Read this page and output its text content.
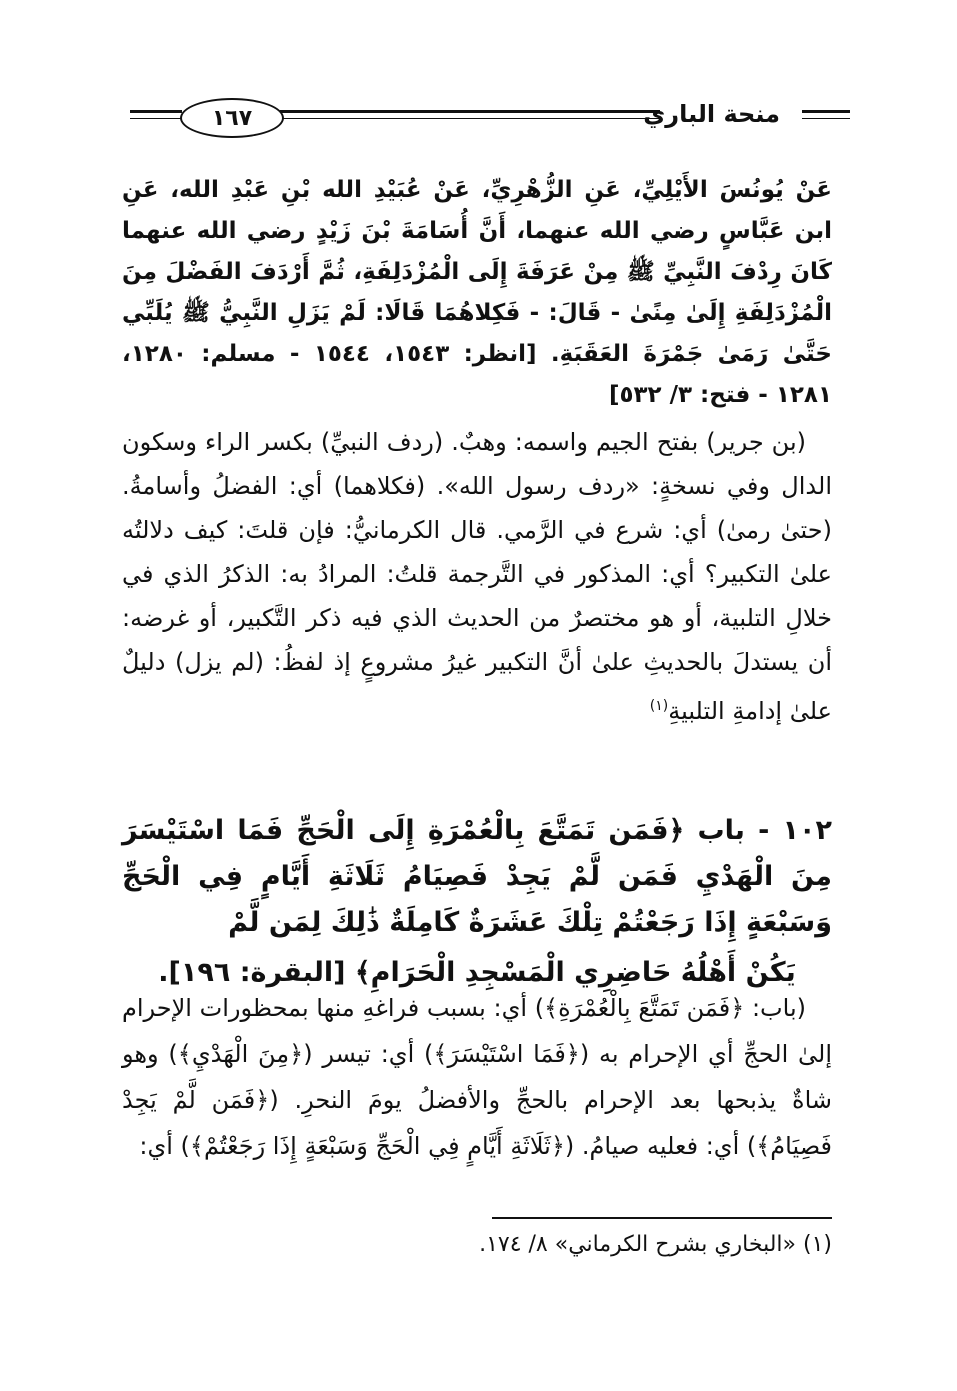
منحة الباري
١٦٧

عَنْ يُونُسَ الأَيْلِيِّ، عَنِ الزُّهْرِيِّ، عَنْ عُبَيْدِ الله بْنِ عَبْدِ الله، عَنِ ابن عَبَّاسٍ رضي الله عنهما، أَنَّ أُسَامَةَ بْنَ زَيْدٍ رضي الله عنهما كَانَ رِدْفَ النَّبِيِّ ﷺ مِنْ عَرَفَةَ إِلَى الْمُزْدَلِفَةِ، ثُمَّ أَرْدَفَ الفَضْلَ مِنَ الْمُزْدَلِفَةِ إِلَىٰ مِنًىٰ - قَالَ: - فَكِلاهُمَا قَالَا: لَمْ يَزَلِ النَّبِيُّ ﷺ يُلَبِّي حَتَّىٰ رَمَىٰ جَمْرَةَ العَقَبَةِ. [انظر: ١٥٤٣، ١٥٤٤ - مسلم: ١٢٨٠، ١٢٨١ - فتح: ٣/ ٥٣٢]

(بن جرير) بفتح الجيم واسمه: وهبٌ. (ردف النبيِّ) بكسر الراء وسكون الدال وفي نسخةٍ: «ردف رسول الله». (فكلاهما) أي: الفضلُ وأسامةُ. (حتىٰ رمىٰ) أي: شرع في الرَّمي. قال الكرمانيُّ: فإن قلتَ: كيف دلالتُه علىٰ التكبير؟ أي: المذكور في التَّرجمة قلتُ: المرادُ به: الذكرُ الذي في خلالِ التلبية، أو هو مختصرٌ من الحديث الذي فيه ذكر التَّكبير، أو غرضه: أن يستدلَ بالحديثِ علىٰ أنَّ التكبير غيرُ مشروعٍ إذ لفظُ: (لم يزل) دليلٌ علىٰ إدامةِ التلبيةِ$^{(١)}$

١٠٢ - باب ﴿فَمَن تَمَتَّعَ بِالْعُمْرَةِ إِلَى الْحَجِّ فَمَا اسْتَيْسَرَ مِنَ الْهَدْيِ فَمَن لَّمْ يَجِدْ فَصِيَامُ ثَلَاثَةِ أَيَّامٍ فِي الْحَجِّ وَسَبْعَةٍ إِذَا رَجَعْتُمْ تِلْكَ عَشَرَةٌ كَامِلَةٌ ذَٰلِكَ لِمَن لَّمْ

يَكُنْ أَهْلُهُ حَاضِرِي الْمَسْجِدِ الْحَرَامِ﴾ [البقرة: ١٩٦].

(باب: ﴿فَمَن تَمَتَّعَ بِالْعُمْرَةِ﴾) أي: بسبب فراغهِ منها بمحظورات الإحرام إلىٰ الحجِّ أي الإحرام به (﴿فَمَا اسْتَيْسَرَ﴾) أي: تيسر (﴿مِنَ الْهَدْيِ﴾) وهو شاةٌ يذبحها بعد الإحرام بالحجِّ والأفضلُ يومَ النحرِ. (﴿فَمَن لَّمْ يَجِدْ فَصِيَامُ﴾) أي: فعليه صيامُ. (﴿ثَلَاثَةِ أَيَّامٍ فِي الْحَجِّ وَسَبْعَةٍ إِذَا رَجَعْتُمْ﴾) أي:

(١) «البخاري بشرح الكرماني» ٨/ ١٧٤.
